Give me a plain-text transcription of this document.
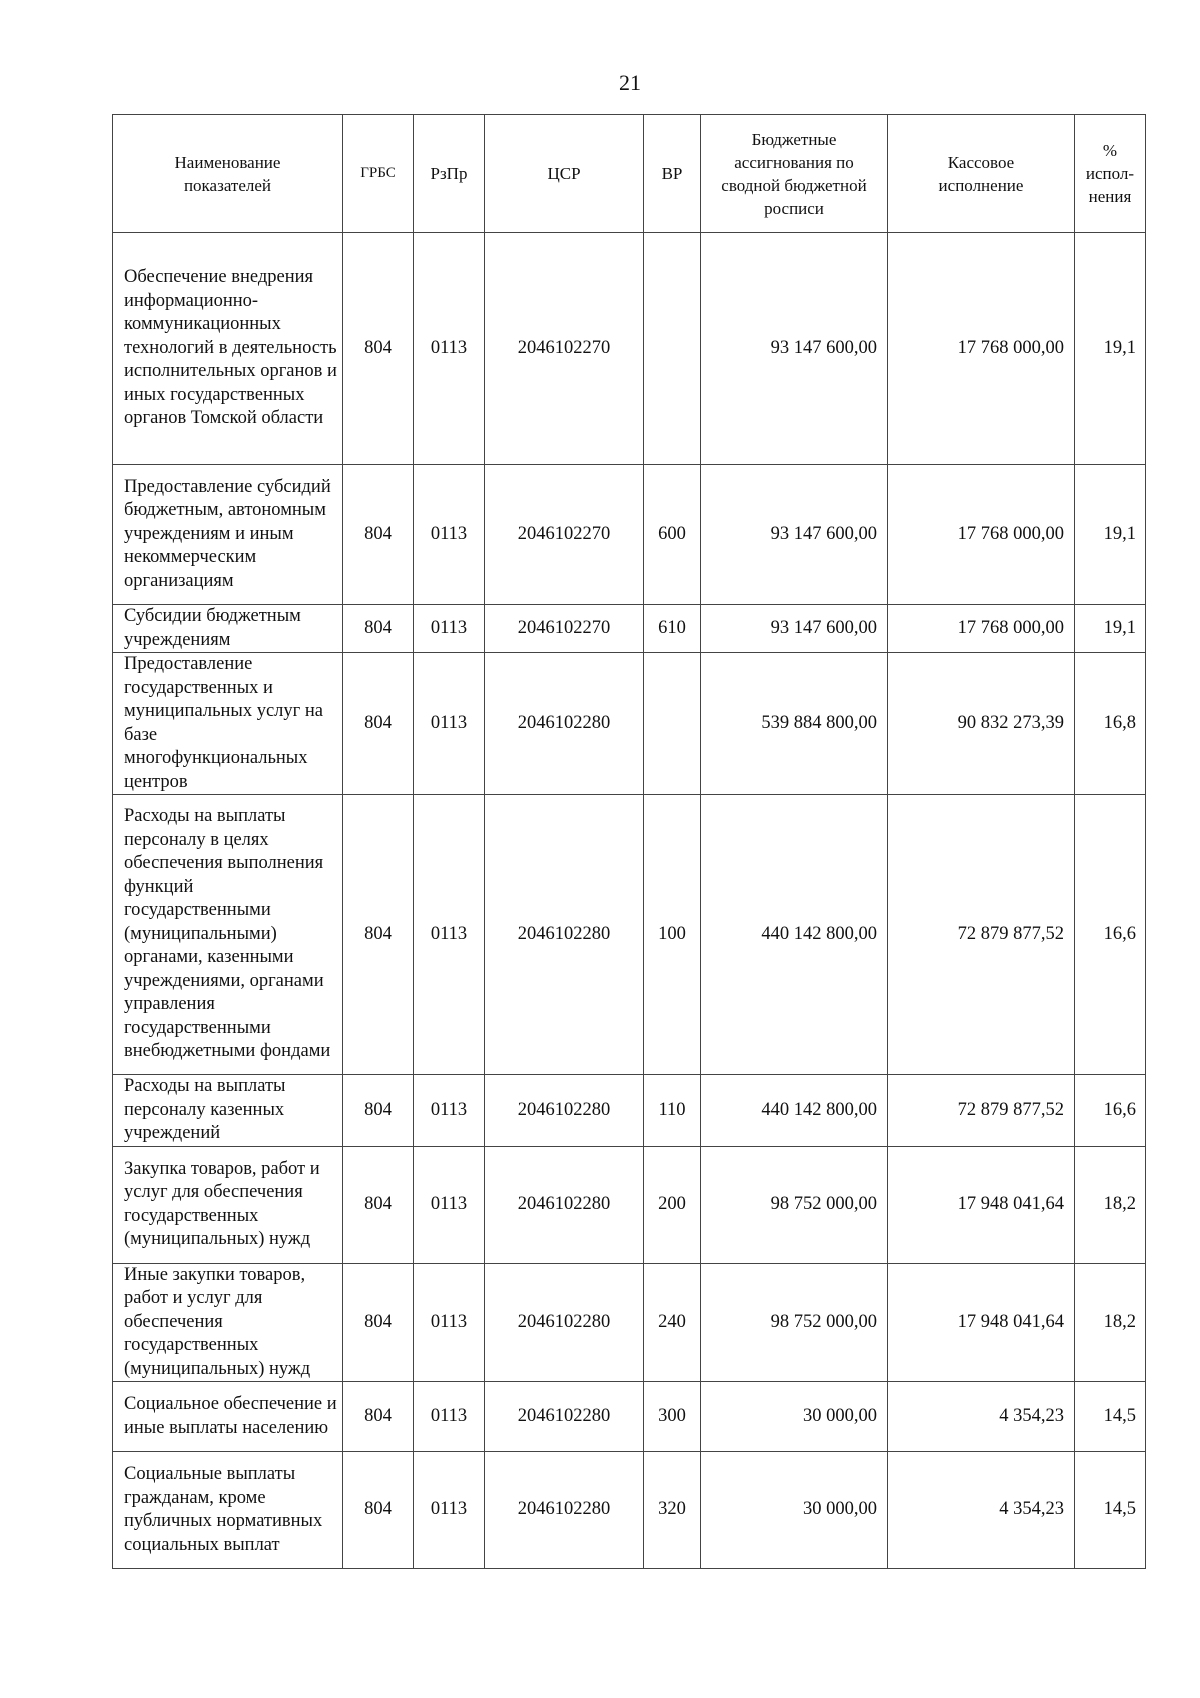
21
Наименование показателей	ГРБС	РзПр	ЦСР	ВР	Бюджетные ассигнования по сводной бюджетной росписи	Кассовое исполнение	% испол-нения
Обеспечение внедрения информационно-коммуникационных технологий в деятельность исполнительных органов и иных государственных органов Томской области	804	0113	2046102270		93 147 600,00	17 768 000,00	19,1
Предоставление субсидий бюджетным, автономным учреждениям и иным некоммерческим организациям	804	0113	2046102270	600	93 147 600,00	17 768 000,00	19,1
Субсидии бюджетным учреждениям	804	0113	2046102270	610	93 147 600,00	17 768 000,00	19,1
Предоставление государственных и муниципальных услуг на базе многофункциональных центров	804	0113	2046102280		539 884 800,00	90 832 273,39	16,8
Расходы на выплаты персоналу в целях обеспечения выполнения функций государственными (муниципальными) органами, казенными учреждениями, органами управления государственными внебюджетными фондами	804	0113	2046102280	100	440 142 800,00	72 879 877,52	16,6
Расходы на выплаты персоналу казенных учреждений	804	0113	2046102280	110	440 142 800,00	72 879 877,52	16,6
Закупка товаров, работ и услуг для обеспечения государственных (муниципальных) нужд	804	0113	2046102280	200	98 752 000,00	17 948 041,64	18,2
Иные закупки товаров, работ и услуг для обеспечения государственных (муниципальных) нужд	804	0113	2046102280	240	98 752 000,00	17 948 041,64	18,2
Социальное обеспечение и иные выплаты населению	804	0113	2046102280	300	30 000,00	4 354,23	14,5
Социальные выплаты гражданам, кроме публичных нормативных социальных выплат	804	0113	2046102280	320	30 000,00	4 354,23	14,5
